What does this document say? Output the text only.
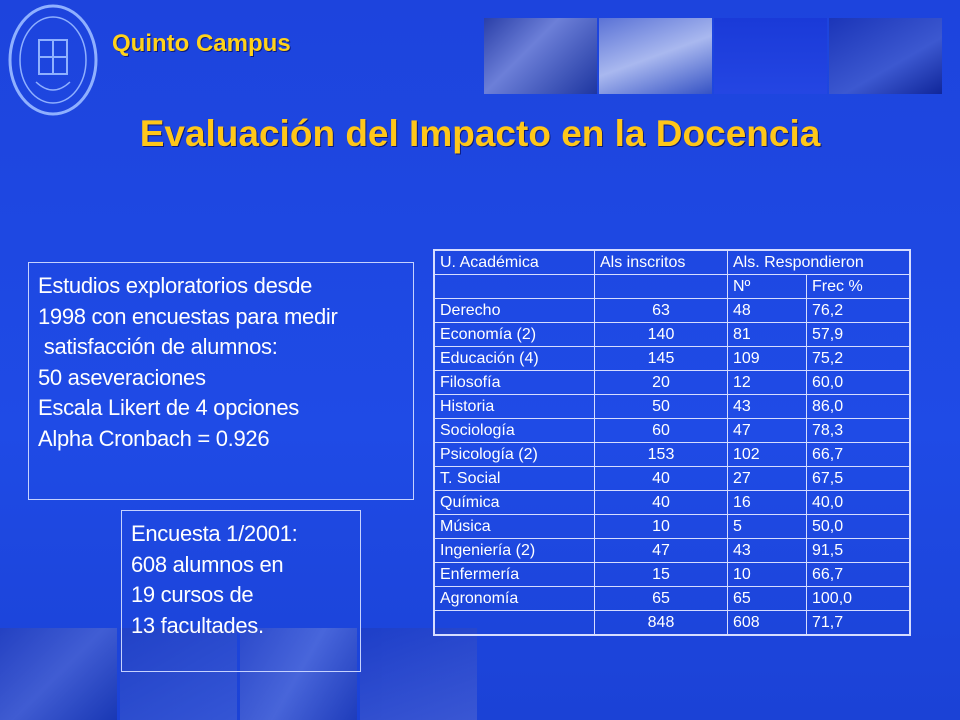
Quinto Campus
Evaluación del Impacto en la Docencia
Estudios exploratorios desde
1998 con encuestas para medir
satisfacción de alumnos:
50 aseveraciones
Escala Likert de 4 opciones
Alpha Cronbach = 0.926
Encuesta 1/2001:
608 alumnos en
19 cursos de
13 facultades.
U. Académica	Als inscritos	Als. Respondieron	
		Nº	Frec %
Derecho	63	48	76,2
Economía (2)	140	81	57,9
Educación (4)	145	109	75,2
Filosofía	20	12	60,0
Historia	50	43	86,0
Sociología	60	47	78,3
Psicología (2)	153	102	66,7
T. Social	40	27	67,5
Química	40	16	40,0
Música	10	5	50,0
Ingeniería (2)	47	43	91,5
Enfermería	15	10	66,7
Agronomía	65	65	100,0
	848	608	71,7
